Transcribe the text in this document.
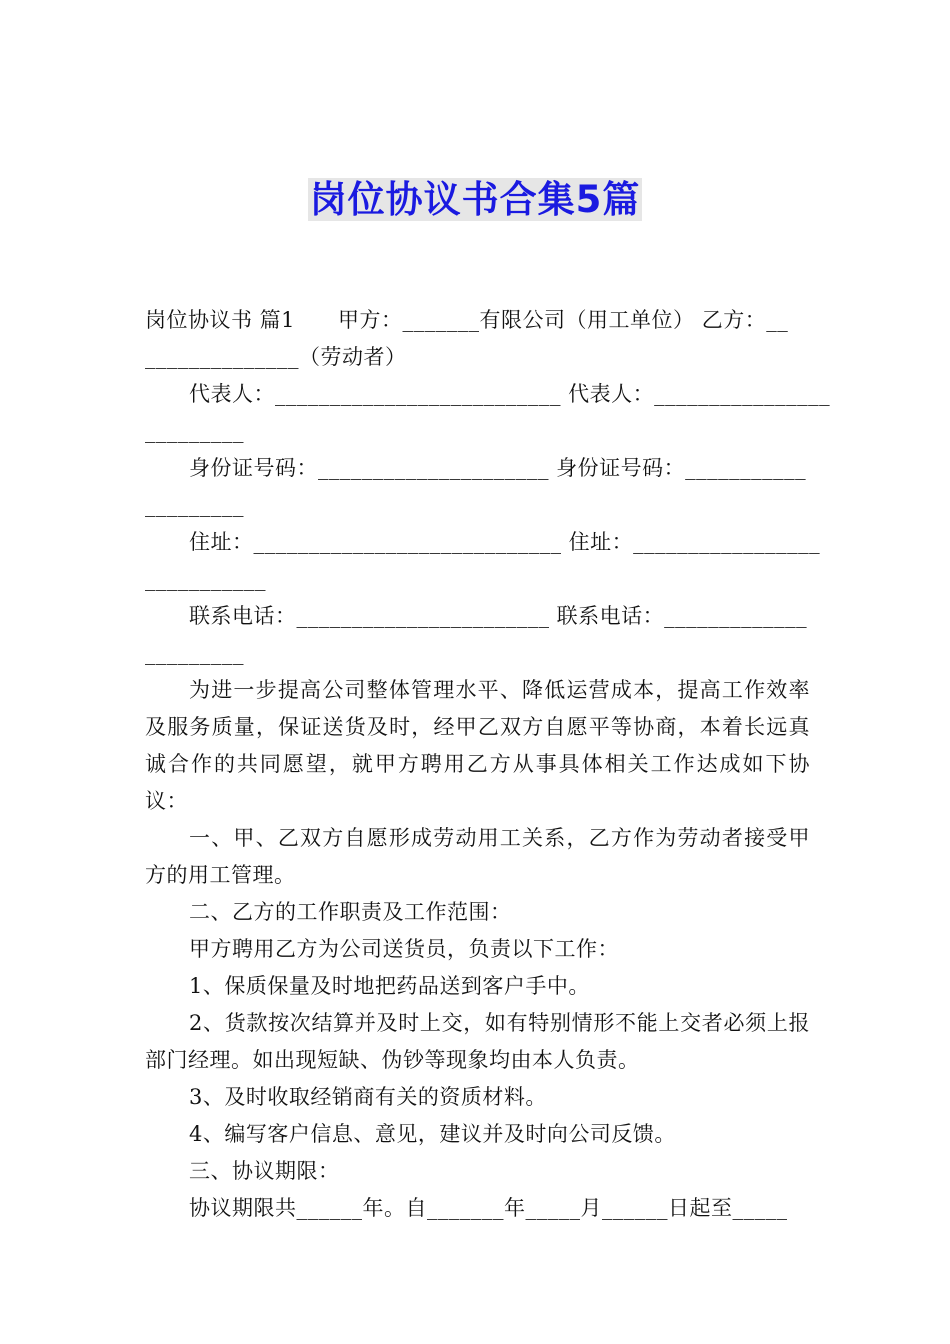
岗位协议书合集5篇

岗位协议书 篇1　　甲方：_______有限公司（用工单位） 乙方：__

______________（劳动者）

代表人：__________________________ 代表人：________________

_________

身份证号码：_____________________ 身份证号码：___________

_________

住址：____________________________ 住址：_________________

___________

联系电话：_______________________ 联系电话：_____________

_________

为进一步提高公司整体管理水平、降低运营成本，提高工作效率及服务质量，保证送货及时，经甲乙双方自愿平等协商，本着长远真诚合作的共同愿望，就甲方聘用乙方从事具体相关工作达成如下协议：

一、甲、乙双方自愿形成劳动用工关系，乙方作为劳动者接受甲方的用工管理。

二、乙方的工作职责及工作范围：

甲方聘用乙方为公司送货员，负责以下工作：

1、保质保量及时地把药品送到客户手中。

2、货款按次结算并及时上交，如有特别情形不能上交者必须上报部门经理。如出现短缺、伪钞等现象均由本人负责。

3、及时收取经销商有关的资质材料。

4、编写客户信息、意见，建议并及时向公司反馈。

三、协议期限：

协议期限共______年。自_______年_____月______日起至_____
